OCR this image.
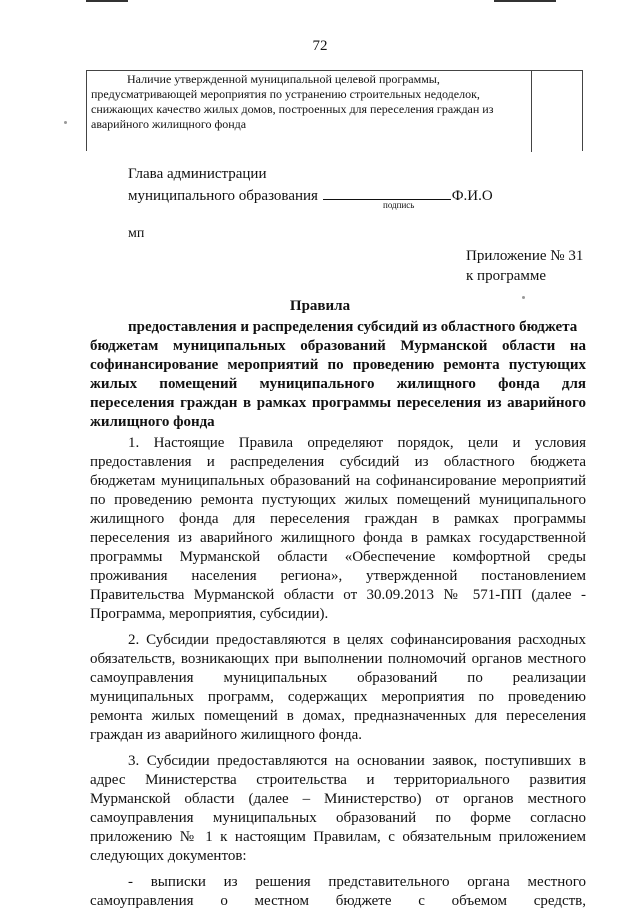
72
Наличие утвержденной муниципальной целевой программы,
предусматривающей мероприятия по устранению строительных недоделок,
снижающих качество жилых домов, построенных для переселения граждан из
аварийного жилищного фонда
Глава администрации
муниципального образования	Ф.И.О
подпись
мп
Приложение № 31
к программе
Правила
предоставления и распределения субсидий из областного бюджета
бюджетам муниципальных образований Мурманской области на
софинансирование мероприятий по проведению ремонта пустующих
жилых помещений муниципального жилищного фонда для
переселения граждан в рамках программы переселения из аварийного
жилищного фонда
1. Настоящие Правила определяют порядок, цели и условия
предоставления и распределения субсидий из областного бюджета
бюджетам муниципальных образований на софинансирование мероприятий
по проведению ремонта пустующих жилых помещений муниципального
жилищного фонда для переселения граждан в рамках программы
переселения из аварийного жилищного фонда в рамках государственной
программы Мурманской области «Обеспечение комфортной среды
проживания населения региона», утвержденной постановлением
Правительства Мурманской области от 30.09.2013 № 571-ПП (далее -
Программа, мероприятия, субсидии).
2. Субсидии предоставляются в целях софинансирования расходных
обязательств, возникающих при выполнении полномочий органов местного
самоуправления муниципальных образований по реализации
муниципальных программ, содержащих мероприятия по проведению
ремонта жилых помещений в домах, предназначенных для переселения
граждан из аварийного жилищного фонда.
3. Субсидии предоставляются на основании заявок, поступивших в
адрес Министерства строительства и территориального развития
Мурманской области (далее – Министерство) от органов местного
самоуправления муниципальных образований по форме согласно
приложению № 1 к настоящим Правилам, с обязательным приложением
следующих документов:
- выписки из решения представительного органа местного
самоуправления о местном бюджете с объемом средств,
